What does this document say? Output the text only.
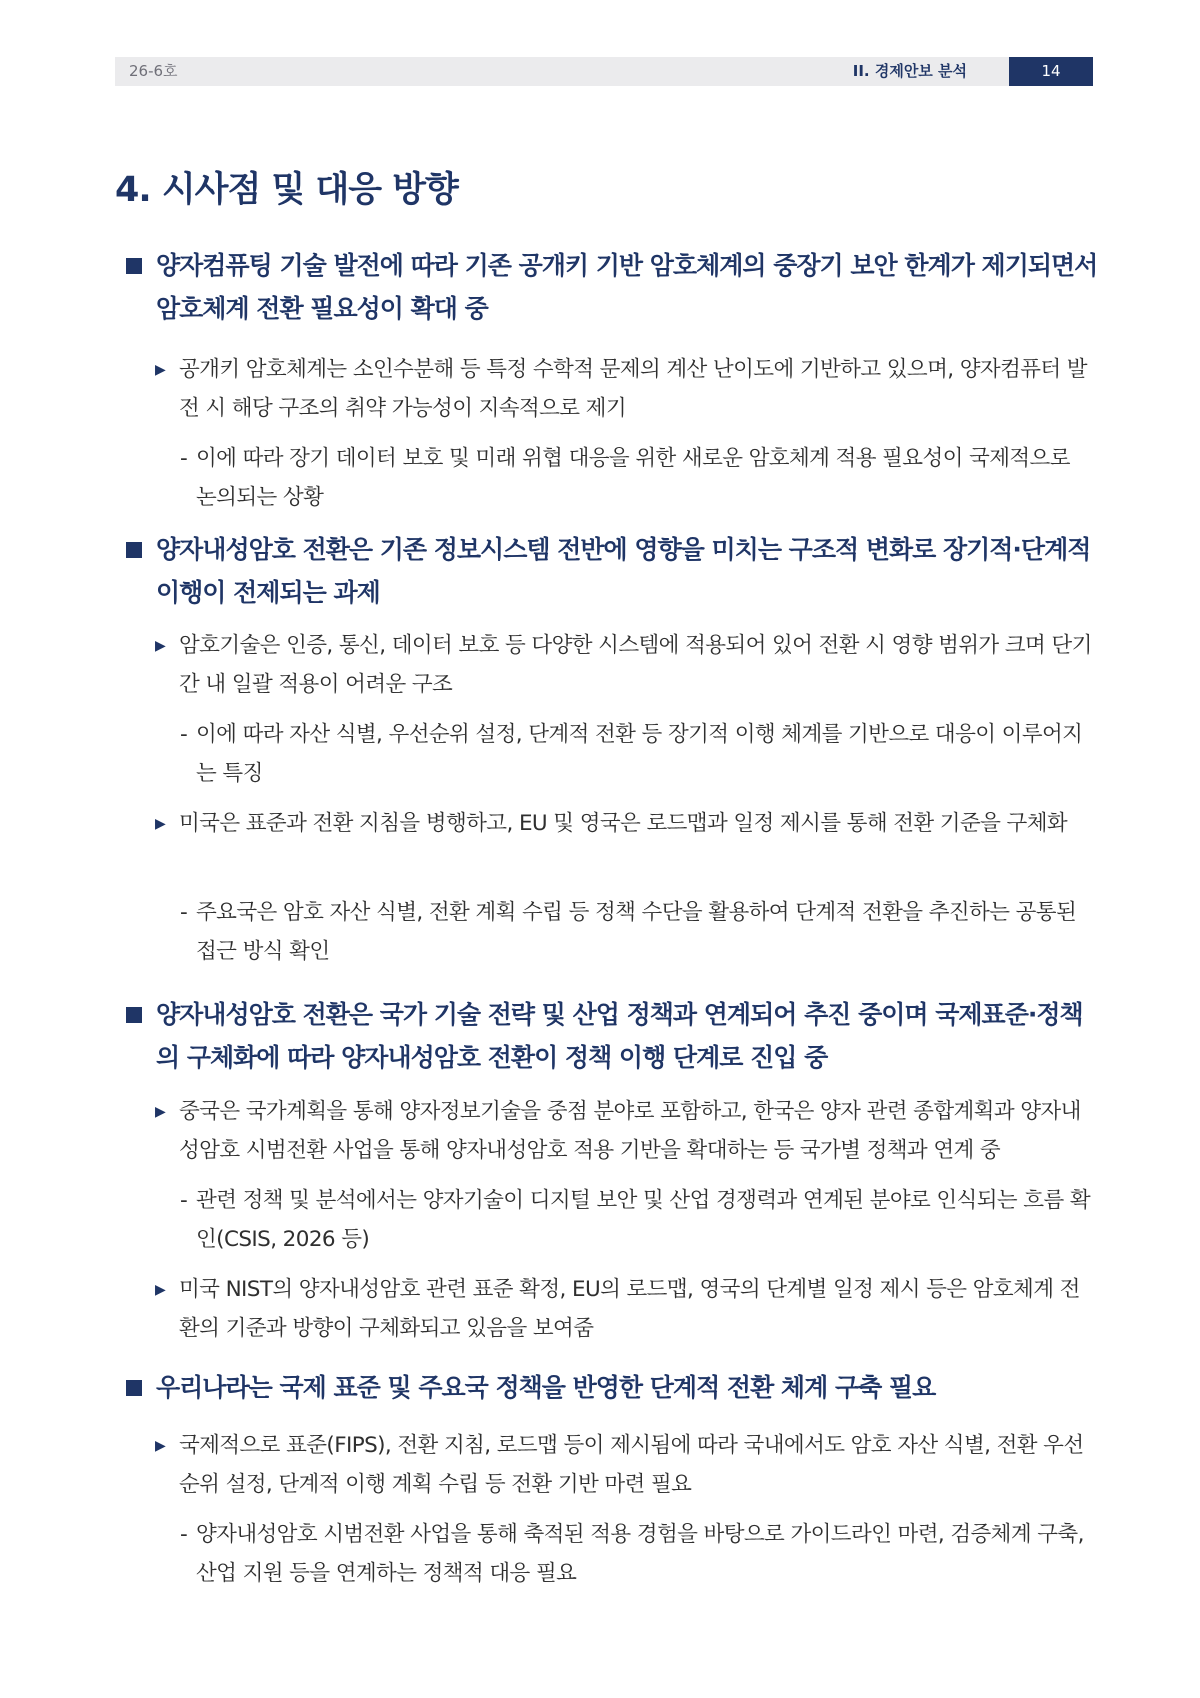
26-6호	II. 경제안보 분석	14
4. 시사점 및 대응 방향
양자컴퓨팅 기술 발전에 따라 기존 공개키 기반 암호체계의 중장기 보안 한계가 제기되면서 암호체계 전환 필요성이 확대 중

▶ 공개키 암호체계는 소인수분해 등 특정 수학적 문제의 계산 난이도에 기반하고 있으며, 양자컴퓨터 발전 시 해당 구조의 취약 가능성이 지속적으로 제기

- 이에 따라 장기 데이터 보호 및 미래 위협 대응을 위한 새로운 암호체계 적용 필요성이 국제적으로 논의되는 상황

양자내성암호 전환은 기존 정보시스템 전반에 영향을 미치는 구조적 변화로 장기적·단계적 이행이 전제되는 과제

▶ 암호기술은 인증, 통신, 데이터 보호 등 다양한 시스템에 적용되어 있어 전환 시 영향 범위가 크며 단기간 내 일괄 적용이 어려운 구조

- 이에 따라 자산 식별, 우선순위 설정, 단계적 전환 등 장기적 이행 체계를 기반으로 대응이 이루어지는 특징

▶ 미국은 표준과 전환 지침을 병행하고, EU 및 영국은 로드맵과 일정 제시를 통해 전환 기준을 구체화

- 주요국은 암호 자산 식별, 전환 계획 수립 등 정책 수단을 활용하여 단계적 전환을 추진하는 공통된 접근 방식 확인

양자내성암호 전환은 국가 기술 전략 및 산업 정책과 연계되어 추진 중이며 국제표준·정책의 구체화에 따라 양자내성암호 전환이 정책 이행 단계로 진입 중

▶ 중국은 국가계획을 통해 양자정보기술을 중점 분야로 포함하고, 한국은 양자 관련 종합계획과 양자내성암호 시범전환 사업을 통해 양자내성암호 적용 기반을 확대하는 등 국가별 정책과 연계 중

- 관련 정책 및 분석에서는 양자기술이 디지털 보안 및 산업 경쟁력과 연계된 분야로 인식되는 흐름 확인(CSIS, 2026 등)

▶ 미국 NIST의 양자내성암호 관련 표준 확정, EU의 로드맵, 영국의 단계별 일정 제시 등은 암호체계 전환의 기준과 방향이 구체화되고 있음을 보여줌

우리나라는 국제 표준 및 주요국 정책을 반영한 단계적 전환 체계 구축 필요

▶ 국제적으로 표준(FIPS), 전환 지침, 로드맵 등이 제시됨에 따라 국내에서도 암호 자산 식별, 전환 우선순위 설정, 단계적 이행 계획 수립 등 전환 기반 마련 필요

- 양자내성암호 시범전환 사업을 통해 축적된 적용 경험을 바탕으로 가이드라인 마련, 검증체계 구축, 산업 지원 등을 연계하는 정책적 대응 필요
